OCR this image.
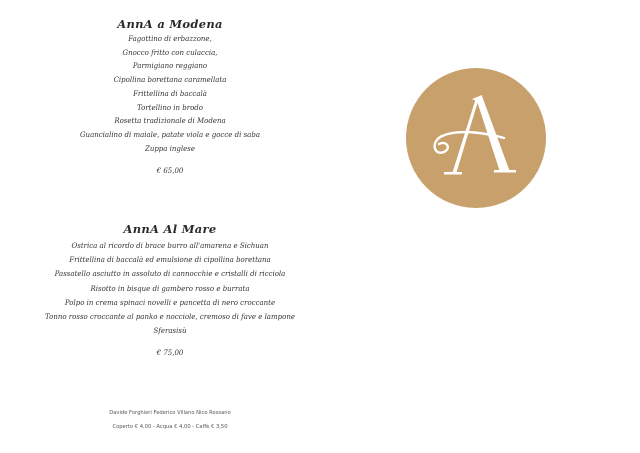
AnnA a Modena
Fagottino di erbazzone,
Gnocco fritto con culaccia,
Parmigiano reggiano
Cipollina borettana caramellata
Frittellina di baccalà
Tortellino in brodo
Rosetta tradizionale di Modena
Guancialino di maiale, patate viola e gocce di saba
Zuppa inglese
€ 65,00
AnnA Al Mare
Ostrica al ricordo di brace burro all'amarena e Sichuan
Frittellina di baccalà ed emulsione di cipollina borettana
Passatello asciutto in assoluto di cannocchie e cristalli di ricciola
Risotto in bisque di gambero rosso e burrata
Polpo in crema spinaci novelli e pancetta di nero croccante
Tonno rosso croccante al panko e nocciole, cremoso di fave e lampone
Sferasisù
€ 75,00
Davide Forghieri Federico Villano Nico Rossano
Coperto € 4,00 - Acqua € 4,00 - Caffè € 3,50
